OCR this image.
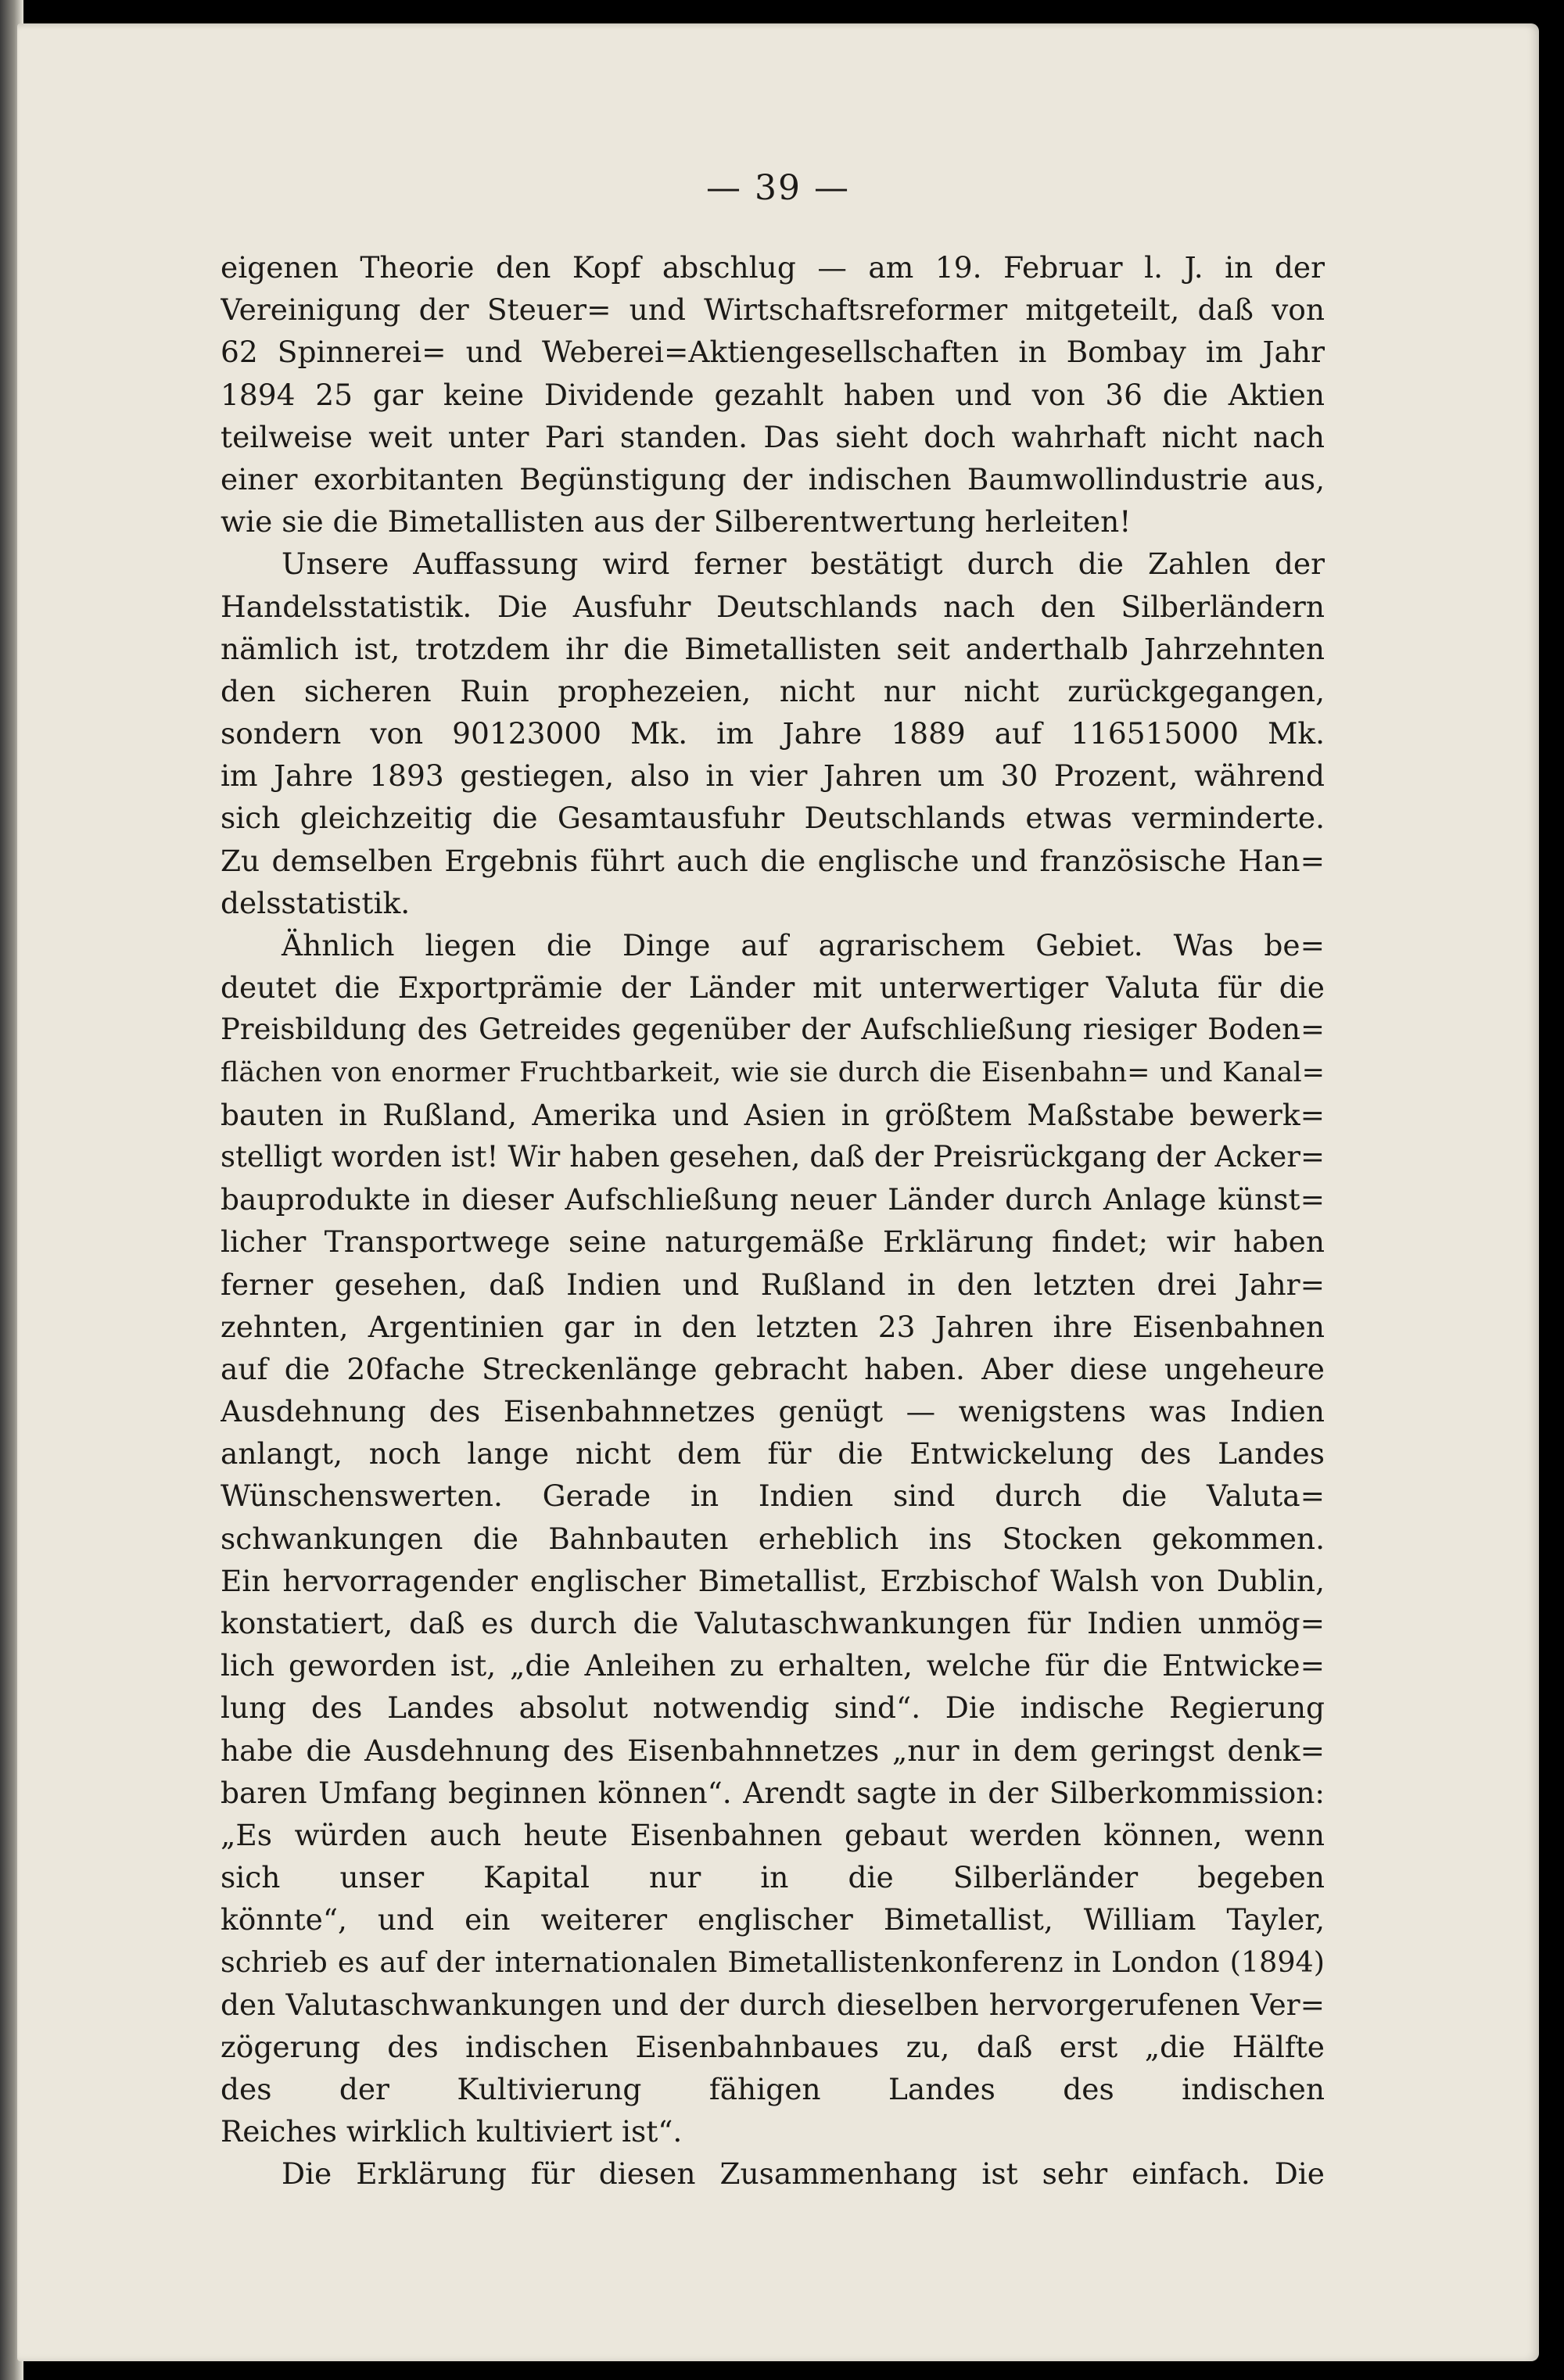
— 39 —
eigenen Theorie den Kopf abschlug — am 19. Februar l. J. in der
Vereinigung der Steuer= und Wirtschaftsreformer mitgeteilt, daß von
62 Spinnerei= und Weberei=Aktiengesellschaften in Bombay im Jahr
1894 25 gar keine Dividende gezahlt haben und von 36 die Aktien
teilweise weit unter Pari standen. Das sieht doch wahrhaft nicht nach
einer exorbitanten Begünstigung der indischen Baumwollindustrie aus,
wie sie die Bimetallisten aus der Silberentwertung herleiten!
Unsere Auffassung wird ferner bestätigt durch die Zahlen der
Handelsstatistik. Die Ausfuhr Deutschlands nach den Silberländern
nämlich ist, trotzdem ihr die Bimetallisten seit anderthalb Jahrzehnten
den sicheren Ruin prophezeien, nicht nur nicht zurückgegangen,
sondern von 90123000 Mk. im Jahre 1889 auf 116515000 Mk.
im Jahre 1893 gestiegen, also in vier Jahren um 30 Prozent, während
sich gleichzeitig die Gesamtausfuhr Deutschlands etwas verminderte.
Zu demselben Ergebnis führt auch die englische und französische Han=
delsstatistik.
Ähnlich liegen die Dinge auf agrarischem Gebiet. Was be=
deutet die Exportprämie der Länder mit unterwertiger Valuta für die
Preisbildung des Getreides gegenüber der Aufschließung riesiger Boden=
flächen von enormer Fruchtbarkeit, wie sie durch die Eisenbahn= und Kanal=
bauten in Rußland, Amerika und Asien in größtem Maßstabe bewerk=
stelligt worden ist! Wir haben gesehen, daß der Preisrückgang der Acker=
bauprodukte in dieser Aufschließung neuer Länder durch Anlage künst=
licher Transportwege seine naturgemäße Erklärung findet; wir haben
ferner gesehen, daß Indien und Rußland in den letzten drei Jahr=
zehnten, Argentinien gar in den letzten 23 Jahren ihre Eisenbahnen
auf die 20fache Streckenlänge gebracht haben. Aber diese ungeheure
Ausdehnung des Eisenbahnnetzes genügt — wenigstens was Indien
anlangt, noch lange nicht dem für die Entwickelung des Landes
Wünschenswerten. Gerade in Indien sind durch die Valuta=
schwankungen die Bahnbauten erheblich ins Stocken gekommen.
Ein hervorragender englischer Bimetallist, Erzbischof Walsh von Dublin,
konstatiert, daß es durch die Valutaschwankungen für Indien unmög=
lich geworden ist, „die Anleihen zu erhalten, welche für die Entwicke=
lung des Landes absolut notwendig sind“. Die indische Regierung
habe die Ausdehnung des Eisenbahnnetzes „nur in dem geringst denk=
baren Umfang beginnen können“. Arendt sagte in der Silberkommission:
„Es würden auch heute Eisenbahnen gebaut werden können, wenn
sich unser Kapital nur in die Silberländer begeben
könnte“, und ein weiterer englischer Bimetallist, William Tayler,
schrieb es auf der internationalen Bimetallistenkonferenz in London (1894)
den Valutaschwankungen und der durch dieselben hervorgerufenen Ver=
zögerung des indischen Eisenbahnbaues zu, daß erst „die Hälfte
des der Kultivierung fähigen Landes des indischen
Reiches wirklich kultiviert ist“.
Die Erklärung für diesen Zusammenhang ist sehr einfach. Die
